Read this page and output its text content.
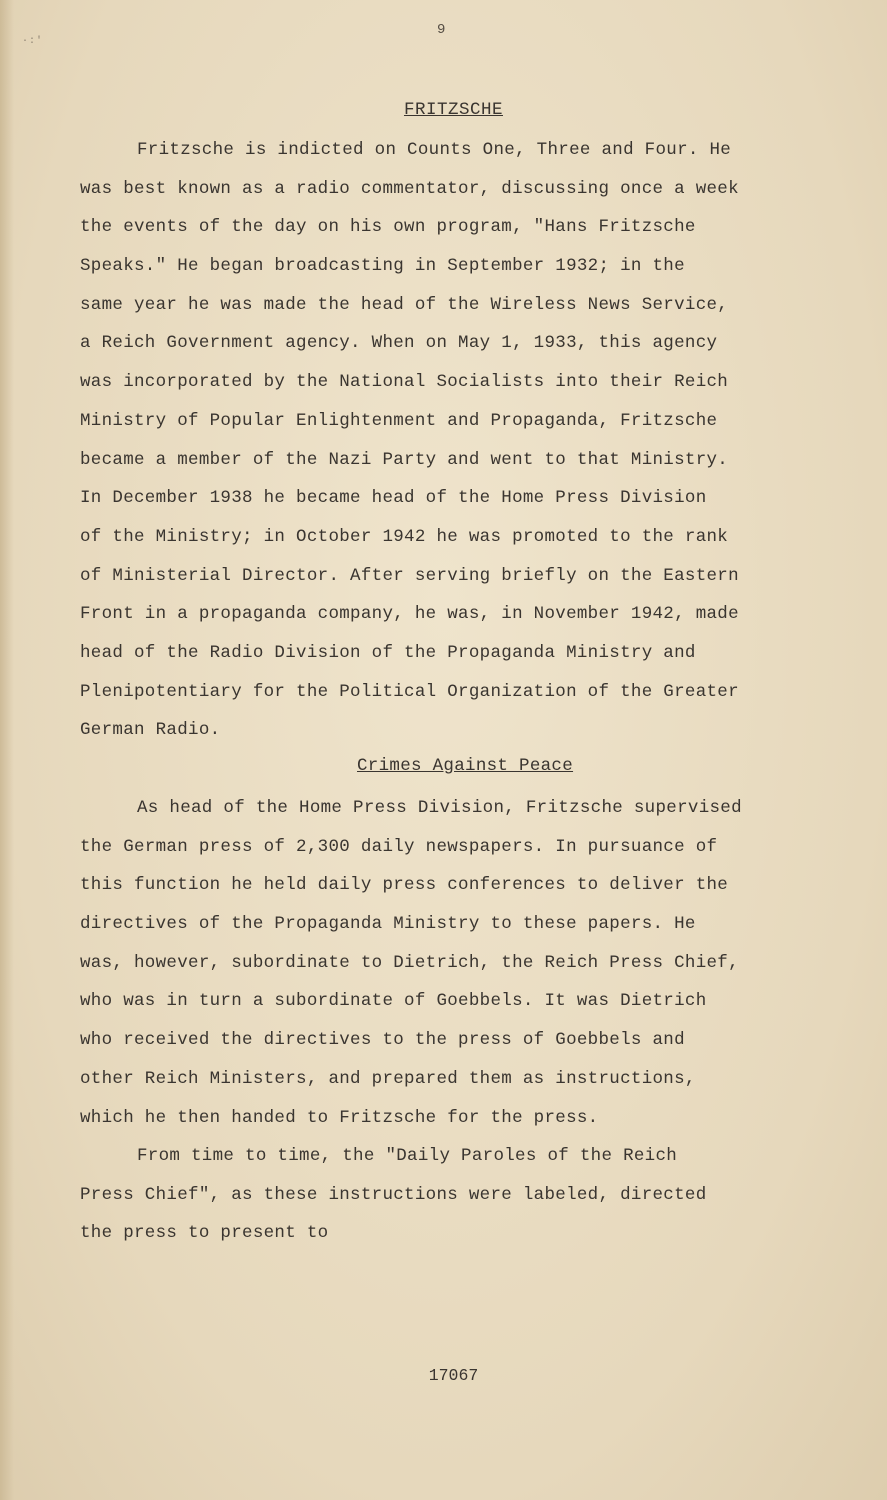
·:'
9
FRITZSCHE
Fritzsche is indicted on Counts One, Three and Four. He
was best known as a radio commentator, discussing once a week
the events of the day on his own program, "Hans Fritzsche
Speaks." He began broadcasting in September 1932; in the
same year he was made the head of the Wireless News Service,
a Reich Government agency. When on May 1, 1933, this agency
was incorporated by the National Socialists into their Reich
Ministry of Popular Enlightenment and Propaganda, Fritzsche
became a member of the Nazi Party and went to that Ministry.
In December 1938 he became head of the Home Press Division
of the Ministry; in October 1942 he was promoted to the rank
of Ministerial Director. After serving briefly on the Eastern
Front in a propaganda company, he was, in November 1942, made
head of the Radio Division of the Propaganda Ministry and
Plenipotentiary for the Political Organization of the Greater
German Radio.
Crimes Against Peace
As head of the Home Press Division, Fritzsche supervised
the German press of 2,300 daily newspapers. In pursuance of
this function he held daily press conferences to deliver the
directives of the Propaganda Ministry to these papers. He
was, however, subordinate to Dietrich, the Reich Press Chief,
who was in turn a subordinate of Goebbels. It was Dietrich
who received the directives to the press of Goebbels and
other Reich Ministers, and prepared them as instructions,
which he then handed to Fritzsche for the press.
From time to time, the "Daily Paroles of the Reich
Press Chief", as these instructions were labeled, directed
the press to present to
17067
